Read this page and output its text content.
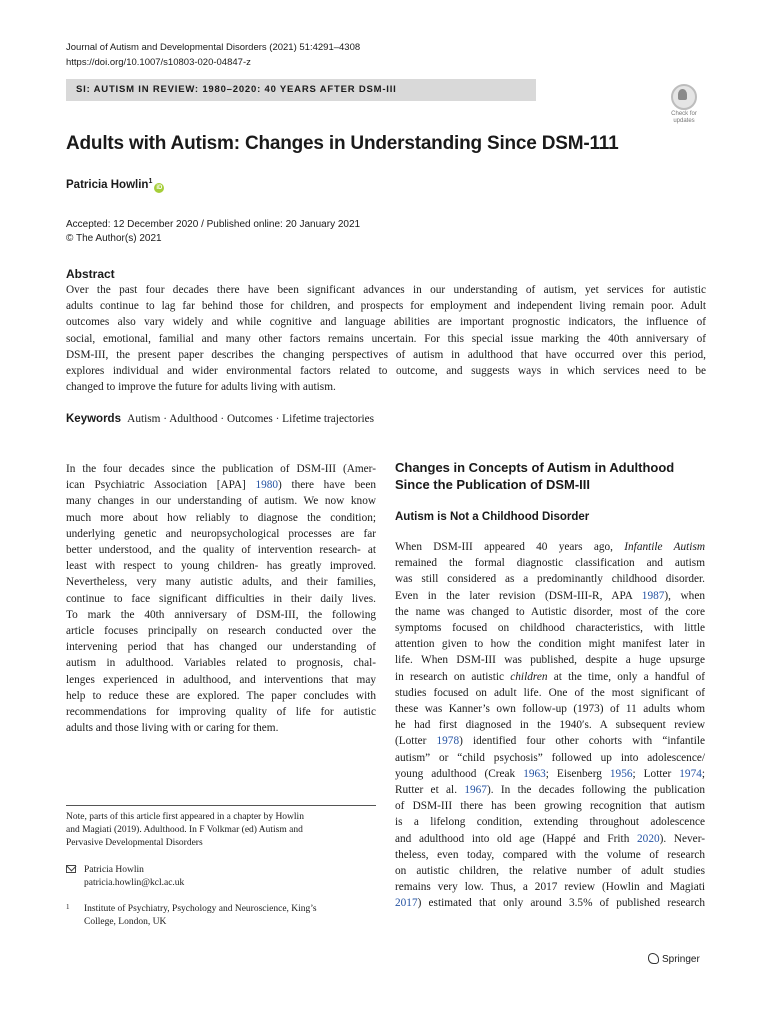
Journal of Autism and Developmental Disorders (2021) 51:4291–4308
https://doi.org/10.1007/s10803-020-04847-z
SI: AUTISM IN REVIEW: 1980–2020: 40 YEARS AFTER DSM-III
Check for
updates
Adults with Autism: Changes in Understanding Since DSM-111
Patricia Howlin$^1$iD
Accepted: 12 December 2020 / Published online: 20 January 2021
© The Author(s) 2021
Abstract
Over the past four decades there have been significant advances in our understanding of autism, yet services for autistic
adults continue to lag far behind those for children, and prospects for employment and independent living remain poor. Adult
outcomes also vary widely and while cognitive and language abilities are important prognostic indicators, the influence of
social, emotional, familial and many other factors remains uncertain. For this special issue marking the 40th anniversary of
DSM-III, the present paper describes the changing perspectives of autism in adulthood that have occurred over this period,
explores individual and wider environmental factors related to outcome, and suggests ways in which services need to be
changed to improve the future for adults living with autism.
Keywords Autism · Adulthood · Outcomes · Lifetime trajectories
In the four decades since the publication of DSM-III (Amer-
ican Psychiatric Association [APA] 1980) there have been
many changes in our understanding of autism. We now know
much more about how reliably to diagnose the condition;
underlying genetic and neuropsychological processes are far
better understood, and the quality of intervention research- at
least with respect to young children- has greatly improved.
Nevertheless, very many autistic adults, and their families,
continue to face significant difficulties in their daily lives.
To mark the 40th anniversary of DSM-III, the following
article focuses principally on research conducted over the
intervening period that has changed our understanding of
autism in adulthood. Variables related to prognosis, chal-
lenges experienced in adulthood, and interventions that may
help to reduce these are explored. The paper concludes with
recommendations for improving quality of life for autistic
adults and those living with or caring for them.
Changes in Concepts of Autism in Adulthood
Since the Publication of DSM-III
Autism is Not a Childhood Disorder
When DSM-III appeared 40 years ago, Infantile Autism
remained the formal diagnostic classification and autism
was still considered as a predominantly childhood disorder.
Even in the later revision (DSM-III-R, APA 1987), when
the name was changed to Autistic disorder, most of the core
symptoms focused on childhood characteristics, with little
attention given to how the condition might manifest later in
life. When DSM-III was published, despite a huge upsurge
in research on autistic children at the time, only a handful of
studies focused on adult life. One of the most significant of
these was Kanner’s own follow-up (1973) of 11 adults whom
he had first diagnosed in the 1940′s. A subsequent review
(Lotter 1978) identified four other cohorts with “infantile
autism” or “child psychosis” followed up into adolescence/
young adulthood (Creak 1963; Eisenberg 1956; Lotter 1974;
Rutter et al. 1967). In the decades following the publication
of DSM-III there has been growing recognition that autism
is a lifelong condition, extending throughout adolescence
and adulthood into old age (Happé and Frith 2020). Never-
theless, even today, compared with the volume of research
on autistic children, the relative number of adult studies
remains very low. Thus, a 2017 review (Howlin and Magiati
2017) estimated that only around 3.5% of published research
Note, parts of this article first appeared in a chapter by Howlin
and Magiati (2019). Adulthood. In F Volkmar (ed) Autism and
Pervasive Developmental Disorders
Patricia Howlin
patricia.howlin@kcl.ac.uk
1 Institute of Psychiatry, Psychology and Neuroscience, King’s
College, London, UK
Springer
